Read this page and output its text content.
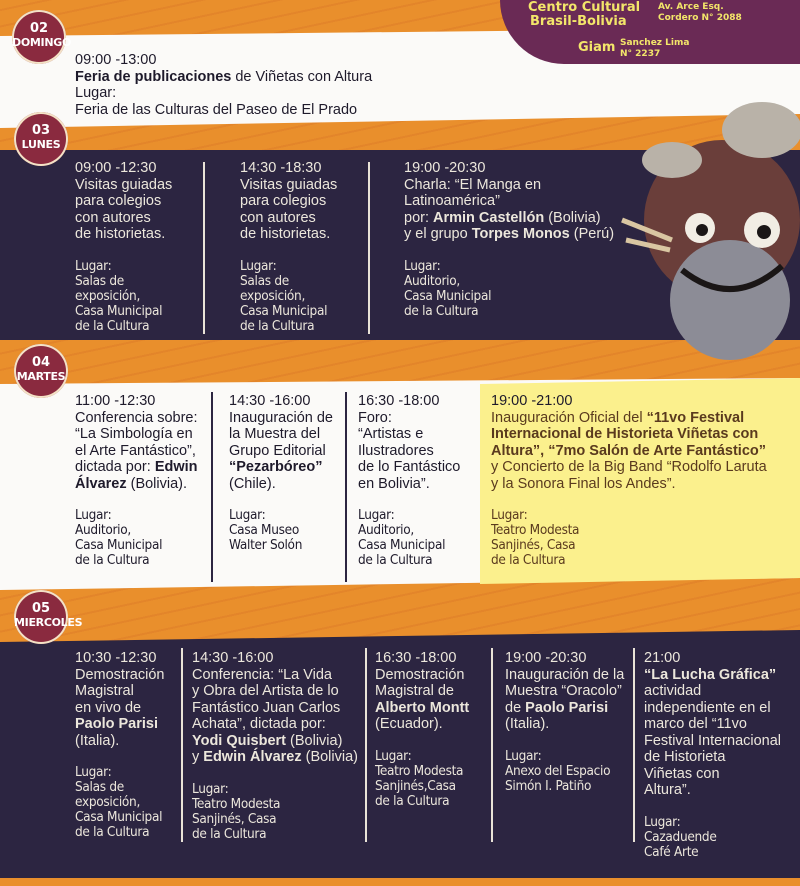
Centro Cultural
Brasil-Bolivia
Av. Arce Esq.
Cordero N° 2088
Giam Sanchez Lima
N° 2237
02
DOMINGO
03
LUNES
04
MARTES
05
MIERCOLES
09:00 -13:00
Feria de publicaciones de Viñetas con Altura
Lugar:
Feria de las Culturas del Paseo de El Prado
09:00 -12:30
Visitas guiadas
para colegios
con autores
de historietas.
Lugar:
Salas de
exposición,
Casa Municipal
de la Cultura
14:30 -18:30
Visitas guiadas
para colegios
con autores
de historietas.
Lugar:
Salas de
exposición,
Casa Municipal
de la Cultura
19:00 -20:30
Charla: “El Manga en
Latinoamérica”
por: Armin Castellón (Bolivia)
y el grupo Torpes Monos (Perú)
Lugar:
Auditorio,
Casa Municipal
de la Cultura
11:00 -12:30
Conferencia sobre:
“La Simbología en
el Arte Fantástico”,
dictada por: Edwin
Álvarez (Bolivia).
Lugar:
Auditorio,
Casa Municipal
de la Cultura
14:30 -16:00
Inauguración de
la Muestra del
Grupo Editorial
“Pezarbóreo”
(Chile).
Lugar:
Casa Museo
Walter Solón
16:30 -18:00
Foro:
“Artistas e
Ilustradores
de lo Fantástico
en Bolivia”.
Lugar:
Auditorio,
Casa Municipal
de la Cultura
19:00 -21:00
Inauguración Oficial del “11vo Festival
Internacional de Historieta Viñetas con
Altura”, “7mo Salón de Arte Fantástico”
y Concierto de la Big Band “Rodolfo Laruta
y la Sonora Final los Andes”.
Lugar:
Teatro Modesta
Sanjinés, Casa
de la Cultura
10:30 -12:30
Demostración
Magistral
en vivo de
Paolo Parisi
(Italia).
Lugar:
Salas de
exposición,
Casa Municipal
de la Cultura
14:30 -16:00
Conferencia: “La Vida
y Obra del Artista de lo
Fantástico Juan Carlos
Achata”, dictada por:
Yodi Quisbert (Bolivia)
y Edwin Álvarez (Bolivia)
Lugar:
Teatro Modesta
Sanjinés, Casa
de la Cultura
16:30 -18:00
Demostración
Magistral de
Alberto Montt
(Ecuador).
Lugar:
Teatro Modesta
Sanjinés,Casa
de la Cultura
19:00 -20:30
Inauguración de la
Muestra “Oracolo”
de Paolo Parisi
(Italia).
Lugar:
Anexo del Espacio
Simón I. Patiño
21:00
“La Lucha Gráfica”
actividad
independiente en el
marco del “11vo
Festival Internacional
de Historieta
Viñetas con
Altura”.
Lugar:
Cazaduende
Café Arte
